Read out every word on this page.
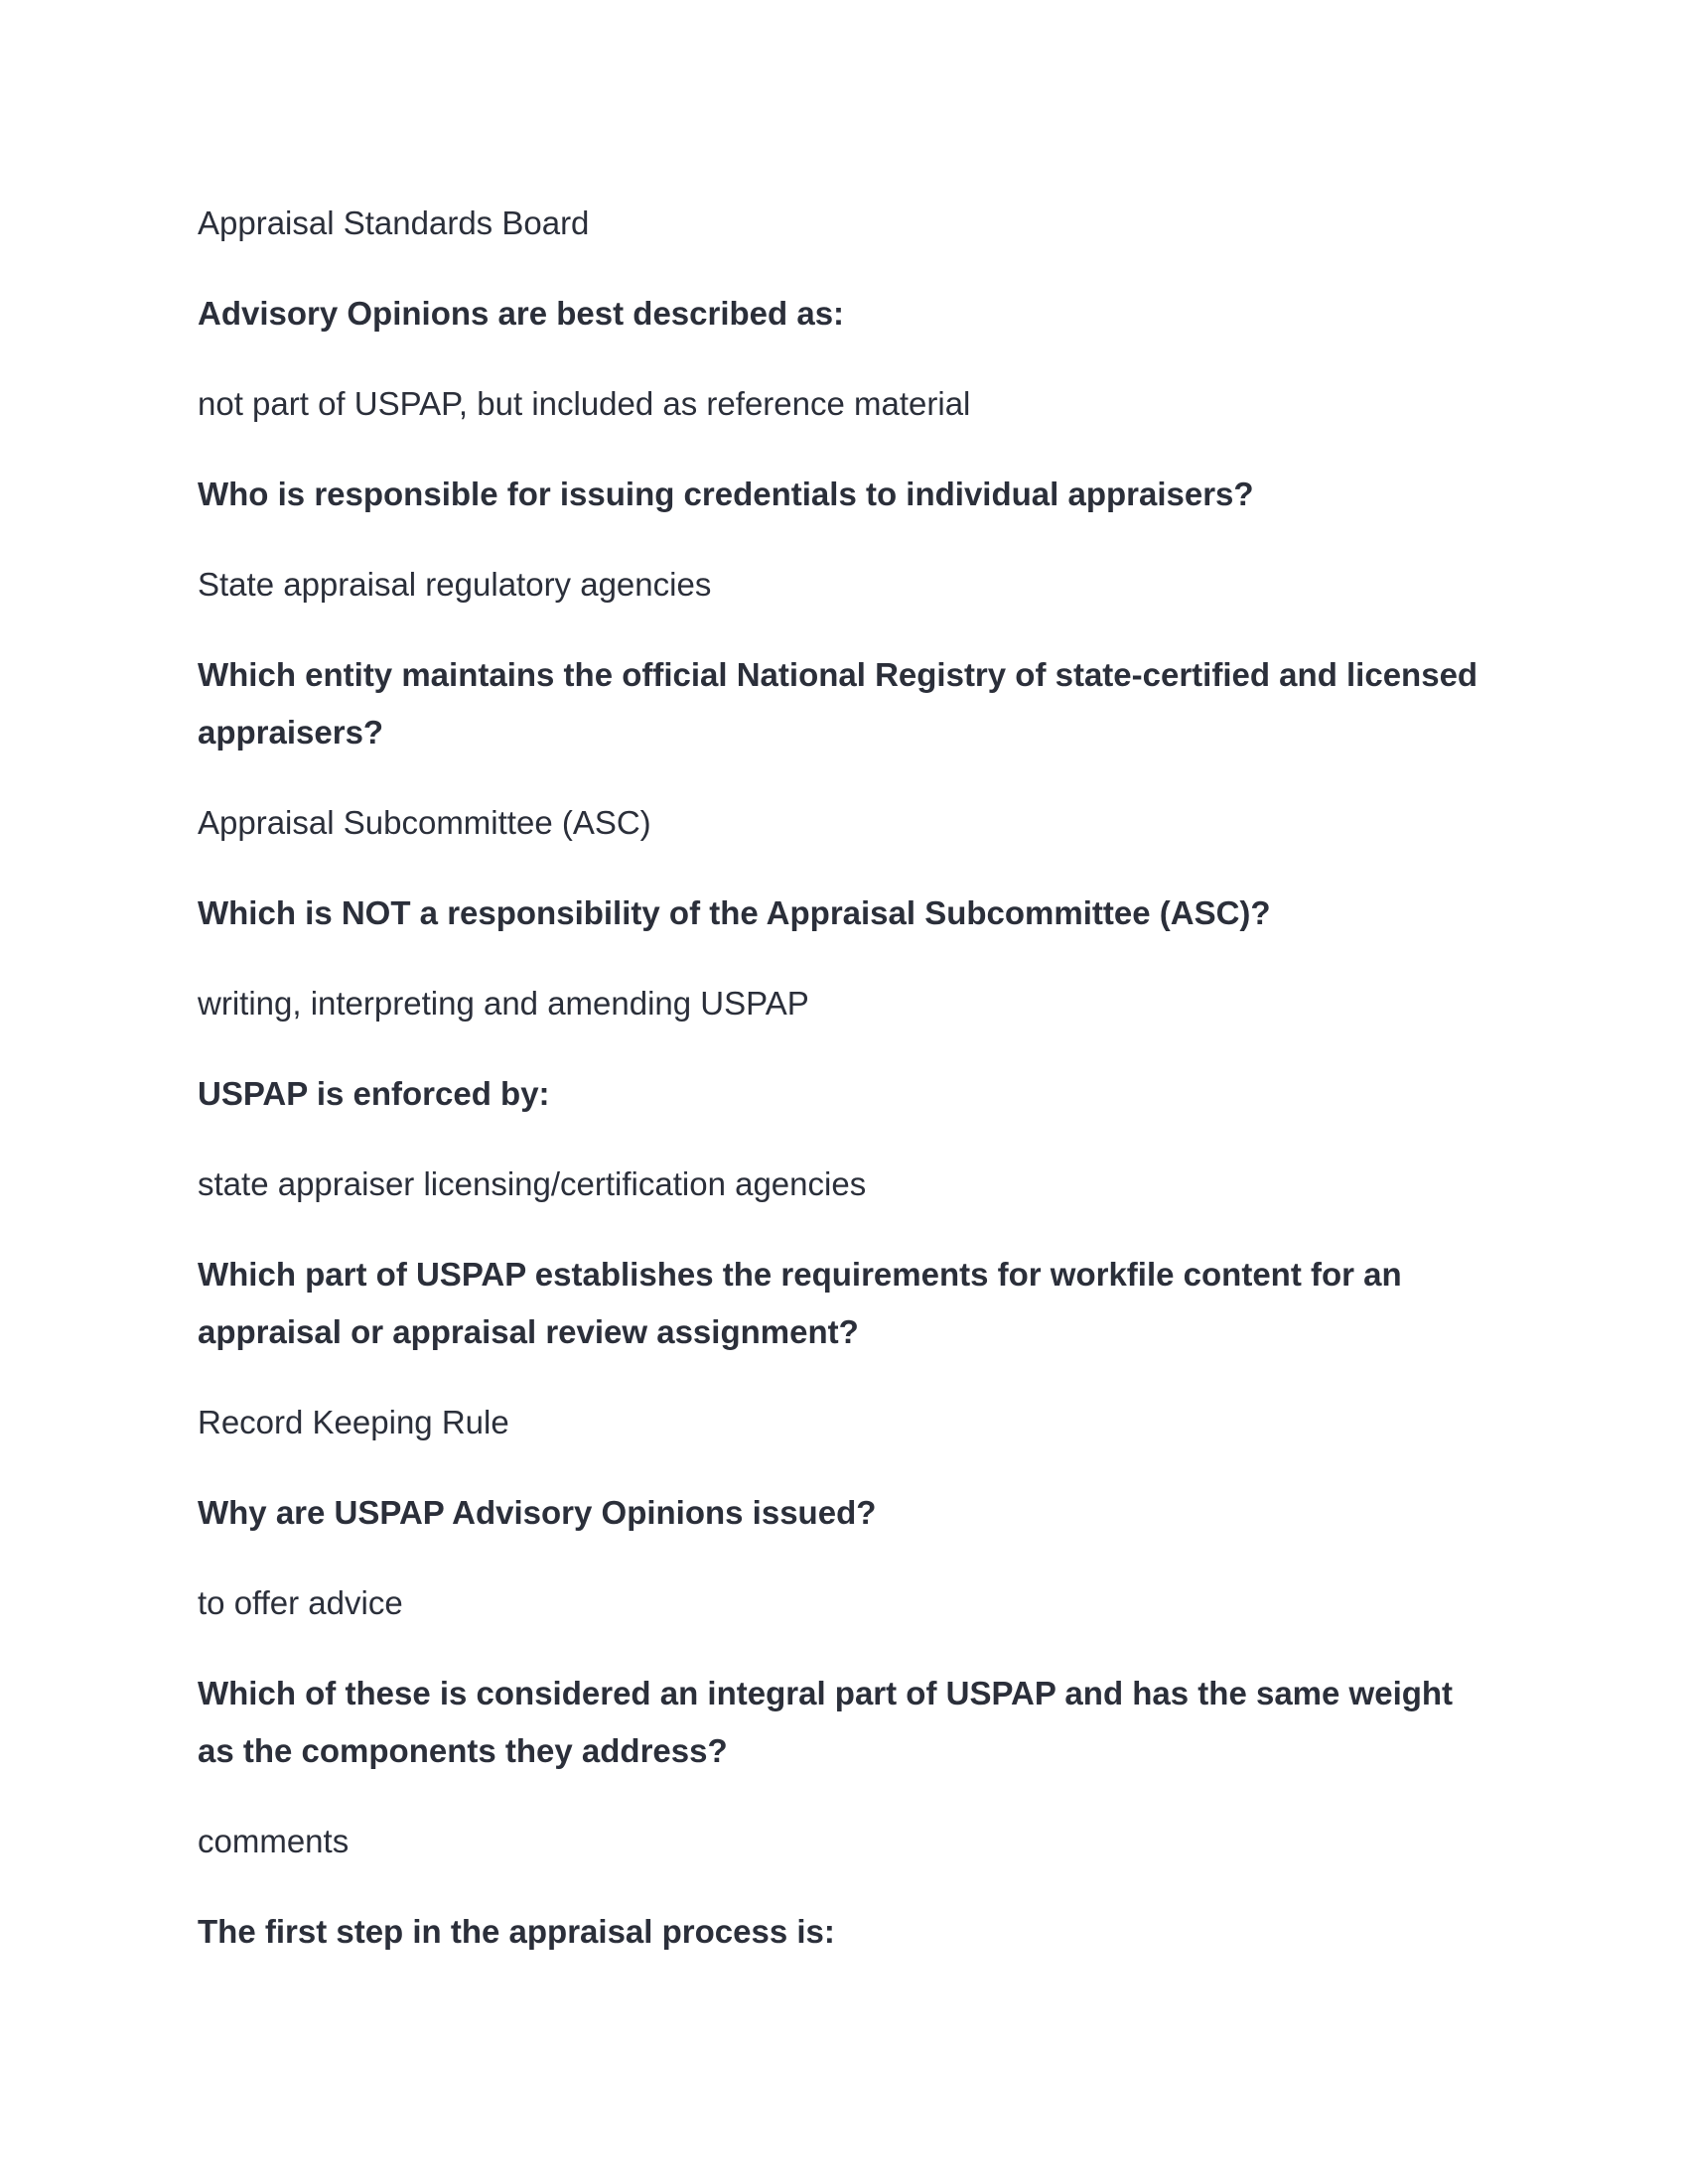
Appraisal Standards Board

Advisory Opinions are best described as:

not part of USPAP, but included as reference material

Who is responsible for issuing credentials to individual appraisers?

State appraisal regulatory agencies

Which entity maintains the official National Registry of state-certified and licensed appraisers?

Appraisal Subcommittee (ASC)

Which is NOT a responsibility of the Appraisal Subcommittee (ASC)?

writing, interpreting and amending USPAP

USPAP is enforced by:

state appraiser licensing/certification agencies

Which part of USPAP establishes the requirements for workfile content for an appraisal or appraisal review assignment?

Record Keeping Rule

Why are USPAP Advisory Opinions issued?

to offer advice

Which of these is considered an integral part of USPAP and has the same weight as the components they address?

comments

The first step in the appraisal process is:
